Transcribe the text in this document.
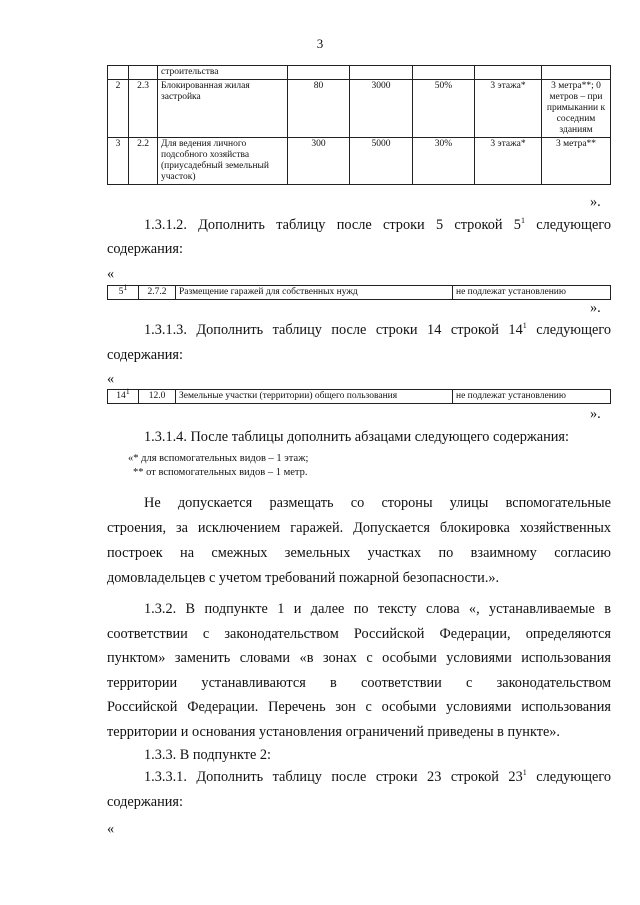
3
		строительства					
2	2.3	Блокированная жилая застройка	80	3000	50%	3 этажа*	3 метра**; 0 метров – при примыкании к соседним зданиям
3	2.2	Для ведения личного подсобного хозяйства (приусадебный земельный участок)	300	5000	30%	3 этажа*	3 метра**
».
1.3.1.2. Дополнить таблицу после строки 5 строкой $5^1$ следующего
содержания:
«
$5^1$	2.7.2	Размещение гаражей для собственных нужд	не подлежат установлению
».
1.3.1.3. Дополнить таблицу после строки 14 строкой $14^1$ следующего
содержания:
«
$14^1$	12.0	Земельные участки (территории) общего пользования	не подлежат установлению
».
1.3.1.4. После таблицы дополнить абзацами следующего содержания:
«* для вспомогательных видов – 1 этаж;
** от вспомогательных видов – 1 метр.
Не допускается размещать со стороны улицы вспомогательные
строения, за исключением гаражей. Допускается блокировка хозяйственных
построек на смежных земельных участках по взаимному согласию
домовладельцев с учетом требований пожарной безопасности.».
1.3.2. В подпункте 1 и далее по тексту слова «, устанавливаемые в
соответствии с законодательством Российской Федерации, определяются
пунктом» заменить словами «в зонах с особыми условиями использования
территории устанавливаются в соответствии с законодательством
Российской Федерации. Перечень зон с особыми условиями использования
территории и основания установления ограничений приведены в пункте».
1.3.3. В подпункте 2:
1.3.3.1. Дополнить таблицу после строки 23 строкой $23^1$ следующего
содержания:
«
